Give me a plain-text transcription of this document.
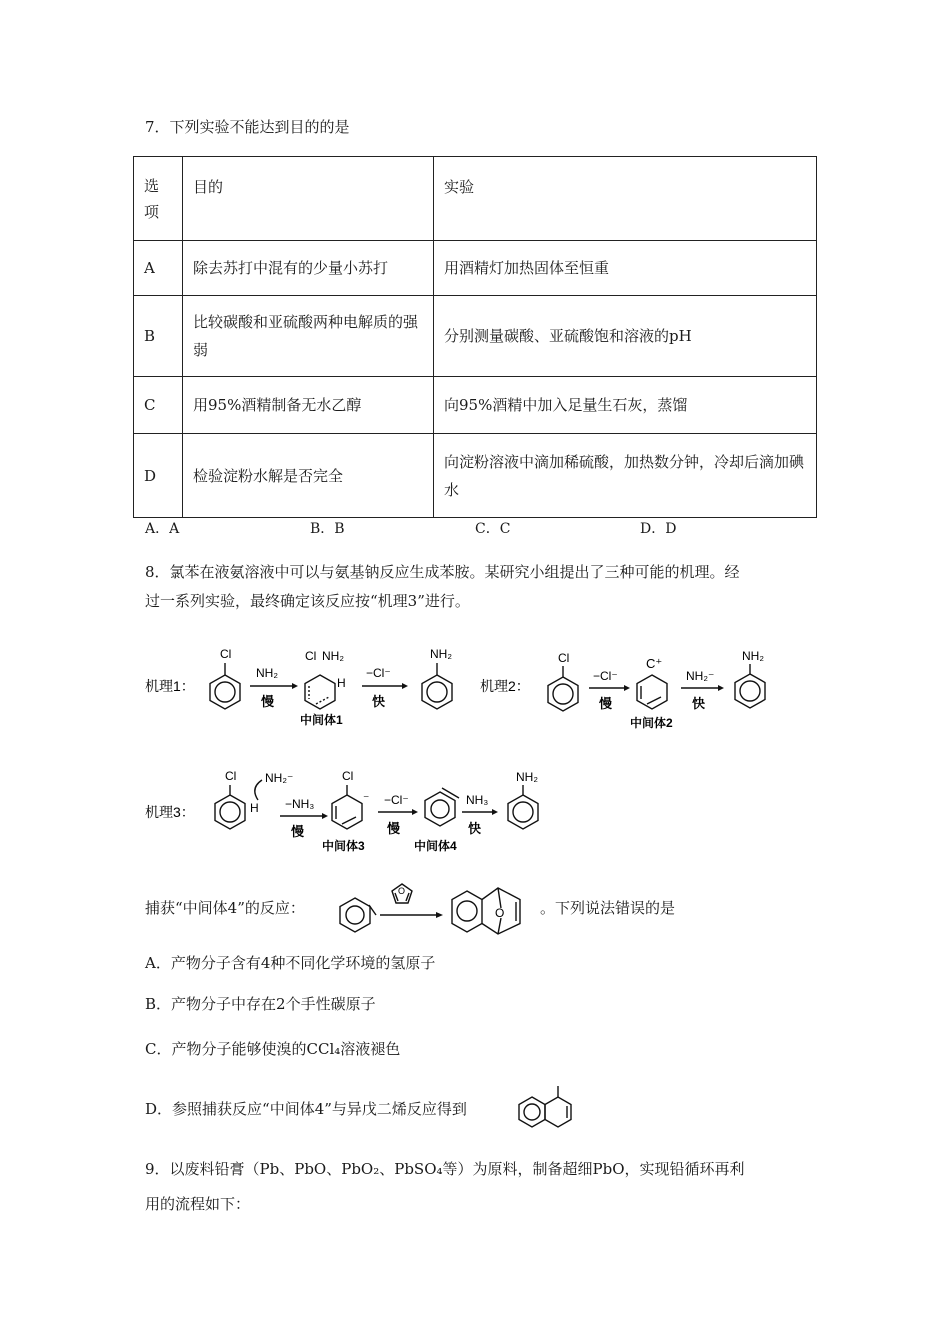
7．下列实验不能达到目的的是
选项	目的	实验
A	除去苏打中混有的少量小苏打	用酒精灯加热固体至恒重
B	比较碳酸和亚硫酸两种电解质的强弱	分别测量碳酸、亚硫酸饱和溶液的pH
C	用95%酒精制备无水乙醇	向95%酒精中加入足量生石灰，蒸馏
D	检验淀粉水解是否完全	向淀粉溶液中滴加稀硫酸，加热数分钟，冷却后滴加碘水
A．A	B．B	C．C	D．D
8．氯苯在液氨溶液中可以与氨基钠反应生成苯胺。某研究小组提出了三种可能的机理。经
过一系列实验，最终确定该反应按“机理3”进行。
机理1：
Cl
NH₂
慢
Cl NH₂
H
中间体1
−Cl⁻
快
NH₂
机理2：
Cl
−Cl⁻
慢
C⁺
中间体2
NH₂⁻
快
NH₂
机理3：
Cl
H
NH₂⁻
−NH₃
慢
Cl
⁻
中间体3
−Cl⁻
慢
中间体4
NH₃
快
NH₂
捕获“中间体4”的反应：
O
O 。下列说法错误的是
A．产物分子含有4种不同化学环境的氢原子
B．产物分子中存在2个手性碳原子
C．产物分子能够使溴的CCl₄溶液褪色
D．参照捕获反应“中间体4”与异戊二烯反应得到
9．以废料铅膏（Pb、PbO、PbO₂、PbSO₄等）为原料，制备超细PbO，实现铅循环再利
用的流程如下：
